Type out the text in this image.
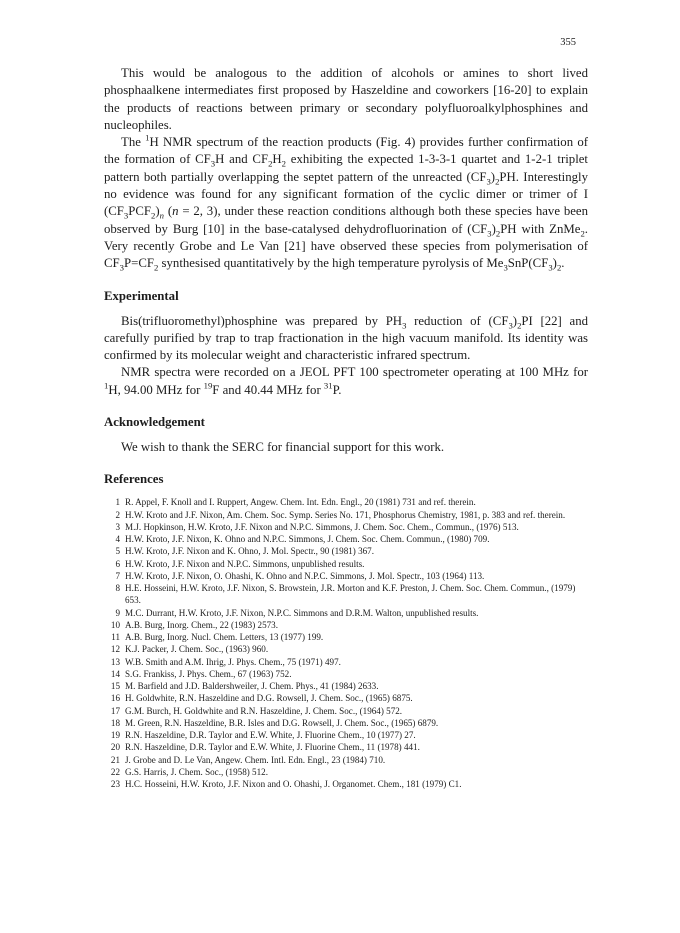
355

This would be analogous to the addition of alcohols or amines to short lived phosphaalkene intermediates first proposed by Haszeldine and coworkers [16-20] to explain the products of reactions between primary or secondary polyfluoroalkylphosphines and nucleophiles.

The $^1$H NMR spectrum of the reaction products (Fig. 4) provides further confirmation of the formation of $CF_3H$ and $CF_2H_2$ exhibiting the expected 1-3-3-1 quartet and 1-2-1 triplet pattern both partially overlapping the septet pattern of the unreacted $(CF_3)_2PH$. Interestingly no evidence was found for any significant formation of the cyclic dimer or trimer of I $(CF_3PCF_2)_n$ (n = 2, 3), under these reaction conditions although both these species have been observed by Burg [10] in the base-catalysed dehydrofluorination of $(CF_3)_2PH$ with ZnMe$_2$. Very recently Grobe and Le Van [21] have observed these species from polymerisation of $CF_3P=CF_2$ synthesised quantitatively by the high temperature pyrolysis of $Me_3SnP(CF_3)_2$.

Experimental

Bis(trifluoromethyl)phosphine was prepared by $PH_3$ reduction of $(CF_3)_2PI$ [22] and carefully purified by trap to trap fractionation in the high vacuum manifold. Its identity was confirmed by its molecular weight and characteristic infrared spectrum.

NMR spectra were recorded on a JEOL PFT 100 spectrometer operating at 100 MHz for $^1$H, 94.00 MHz for $^{19}$F and 40.44 MHz for $^{31}$P.

Acknowledgement

We wish to thank the SERC for financial support for this work.

References
1 R. Appel, F. Knoll and I. Ruppert, Angew. Chem. Int. Edn. Engl., 20 (1981) 731 and ref. therein.
2 H.W. Kroto and J.F. Nixon, Am. Chem. Soc. Symp. Series No. 171, Phosphorus Chemistry, 1981, p. 383 and ref. therein.
3 M.J. Hopkinson, H.W. Kroto, J.F. Nixon and N.P.C. Simmons, J. Chem. Soc. Chem., Commun., (1976) 513.
4 H.W. Kroto, J.F. Nixon, K. Ohno and N.P.C. Simmons, J. Chem. Soc. Chem. Commun., (1980) 709.
5 H.W. Kroto, J.F. Nixon and K. Ohno, J. Mol. Spectr., 90 (1981) 367.
6 H.W. Kroto, J.F. Nixon and N.P.C. Simmons, unpublished results.
7 H.W. Kroto, J.F. Nixon, O. Ohashi, K. Ohno and N.P.C. Simmons, J. Mol. Spectr., 103 (1964) 113.
8 H.E. Hosseini, H.W. Kroto, J.F. Nixon, S. Browstein, J.R. Morton and K.F. Preston, J. Chem. Soc. Chem. Commun., (1979) 653.
9 M.C. Durrant, H.W. Kroto, J.F. Nixon, N.P.C. Simmons and D.R.M. Walton, unpublished results.
10 A.B. Burg, Inorg. Chem., 22 (1983) 2573.
11 A.B. Burg, Inorg. Nucl. Chem. Letters, 13 (1977) 199.
12 K.J. Packer, J. Chem. Soc., (1963) 960.
13 W.B. Smith and A.M. Ihrig, J. Phys. Chem., 75 (1971) 497.
14 S.G. Frankiss, J. Phys. Chem., 67 (1963) 752.
15 M. Barfield and J.D. Baldershweiler, J. Chem. Phys., 41 (1984) 2633.
16 H. Goldwhite, R.N. Haszeldine and D.G. Rowsell, J. Chem. Soc., (1965) 6875.
17 G.M. Burch, H. Goldwhite and R.N. Haszeldine, J. Chem. Soc., (1964) 572.
18 M. Green, R.N. Haszeldine, B.R. Isles and D.G. Rowsell, J. Chem. Soc., (1965) 6879.
19 R.N. Haszeldine, D.R. Taylor and E.W. White, J. Fluorine Chem., 10 (1977) 27.
20 R.N. Haszeldine, D.R. Taylor and E.W. White, J. Fluorine Chem., 11 (1978) 441.
21 J. Grobe and D. Le Van, Angew. Chem. Intl. Edn. Engl., 23 (1984) 710.
22 G.S. Harris, J. Chem. Soc., (1958) 512.
23 H.C. Hosseini, H.W. Kroto, J.F. Nixon and O. Ohashi, J. Organomet. Chem., 181 (1979) C1.
